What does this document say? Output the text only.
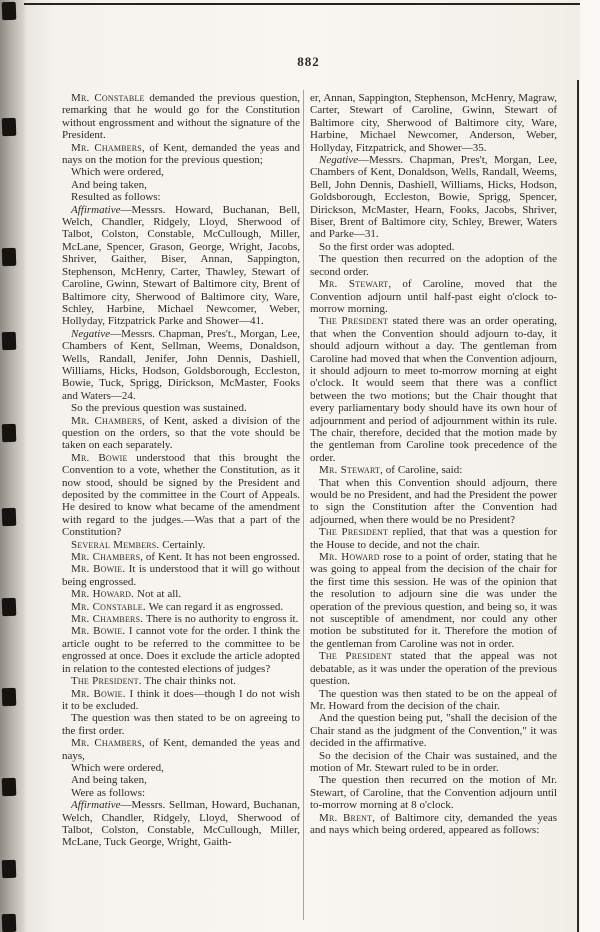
882

Mr. Constable demanded the previous question, remarking that he would go for the Constitution without engrossment and without the signature of the President.

Mr. Chambers, of Kent, demanded the yeas and nays on the motion for the previous question;

Which were ordered,

And being taken,

Resulted as follows:

Affirmative—Messrs. Howard, Buchanan, Bell, Welch, Chandler, Ridgely, Lloyd, Sherwood of Talbot, Colston, Constable, McCullough, Miller, McLane, Spencer, Grason, George, Wright, Jacobs, Shriver, Gaither, Biser, Annan, Sappington, Stephenson, McHenry, Carter, Thawley, Stewart of Caroline, Gwinn, Stewart of Baltimore city, Brent of Baltimore city, Sherwood of Baltimore city, Ware, Schley, Harbine, Michael Newcomer, Weber, Hollyday, Fitzpatrick Parke and Shower—41.

Negative—Messrs. Chapman, Pres't., Morgan, Lee, Chambers of Kent, Sellman, Weems, Donaldson, Wells, Randall, Jenifer, John Dennis, Dashiell, Williams, Hicks, Hodson, Goldsborough, Eccleston, Bowie, Tuck, Sprigg, Dirickson, McMaster, Fooks and Waters—24.

So the previous question was sustained.

Mr. Chambers, of Kent, asked a division of the question on the orders, so that the vote should be taken on each separately.

Mr. Bowie understood that this brought the Convention to a vote, whether the Constitution, as it now stood, should be signed by the President and deposited by the committee in the Court of Appeals. He desired to know what became of the amendment with regard to the judges.—Was that a part of the Constitution?

Several Members. Certainly.

Mr. Chambers, of Kent. It has not been engrossed.

Mr. Bowie. It is understood that it will go without being engrossed.

Mr. Howard. Not at all.

Mr. Constable. We can regard it as engrossed.

Mr. Chambers. There is no authority to engross it.

Mr. Bowie. I cannot vote for the order. I think the article ought to be referred to the committee to be engrossed at once. Does it exclude the article adopted in relation to the contested elections of judges?

The President. The chair thinks not.

Mr. Bowie. I think it does—though I do not wish it to be excluded.

The question was then stated to be on agreeing to the first order.

Mr. Chambers, of Kent, demanded the yeas and nays,

Which were ordered,

And being taken,

Were as follows:

Affirmative—Messrs. Sellman, Howard, Buchanan, Welch, Chandler, Ridgely, Lloyd, Sherwood of Talbot, Colston, Constable, McCullough, Miller, McLane, Tuck George, Wright, Gaith-

er, Annan, Sappington, Stephenson, McHenry, Magraw, Carter, Stewart of Caroline, Gwinn, Stewart of Baltimore city, Sherwood of Baltimore city, Ware, Harbine, Michael Newcomer, Anderson, Weber, Hollyday, Fitzpatrick, and Shower—35.

Negative—Messrs. Chapman, Pres't, Morgan, Lee, Chambers of Kent, Donaldson, Wells, Randall, Weems, Bell, John Dennis, Dashiell, Williams, Hicks, Hodson, Goldsborough, Eccleston, Bowie, Sprigg, Spencer, Dirickson, McMaster, Hearn, Fooks, Jacobs, Shriver, Biser, Brent of Baltimore city, Schley, Brewer, Waters and Parke—31.

So the first order was adopted.

The question then recurred on the adoption of the second order.

Mr. Stewart, of Caroline, moved that the Convention adjourn until half-past eight o'clock to-morrow morning.

The President stated there was an order operating, that when the Convention should adjourn to-day, it should adjourn without a day. The gentleman from Caroline had moved that when the Convention adjourn, it should adjourn to meet to-morrow morning at eight o'clock. It would seem that there was a conflict between the two motions; but the Chair thought that every parliamentary body should have its own hour of adjournment and period of adjournment within its rule. The chair, therefore, decided that the motion made by the gentleman from Caroline took precedence of the order.

Mr. Stewart, of Caroline, said:

That when this Convention should adjourn, there would be no President, and had the President the power to sign the Constitution after the Convention had adjourned, when there would be no President?

The President replied, that that was a question for the House to decide, and not the chair.

Mr. Howard rose to a point of order, stating that he was going to appeal from the decision of the chair for the first time this session. He was of the opinion that the resolution to adjourn sine die was under the operation of the previous question, and being so, it was not susceptible of amendment, nor could any other motion be substituted for it. Therefore the motion of the gentleman from Caroline was not in order.

The President stated that the appeal was not debatable, as it was under the operation of the previous question.

The question was then stated to be on the appeal of Mr. Howard from the decision of the chair.

And the question being put, "shall the decision of the Chair stand as the judgment of the Convention," it was decided in the affirmative.

So the decision of the Chair was sustained, and the motion of Mr. Stewart ruled to be in order.

The question then recurred on the motion of Mr. Stewart, of Caroline, that the Convention adjourn until to-morrow morning at 8 o'clock.

Mr. Brent, of Baltimore city, demanded the yeas and nays which being ordered, appeared as follows:
